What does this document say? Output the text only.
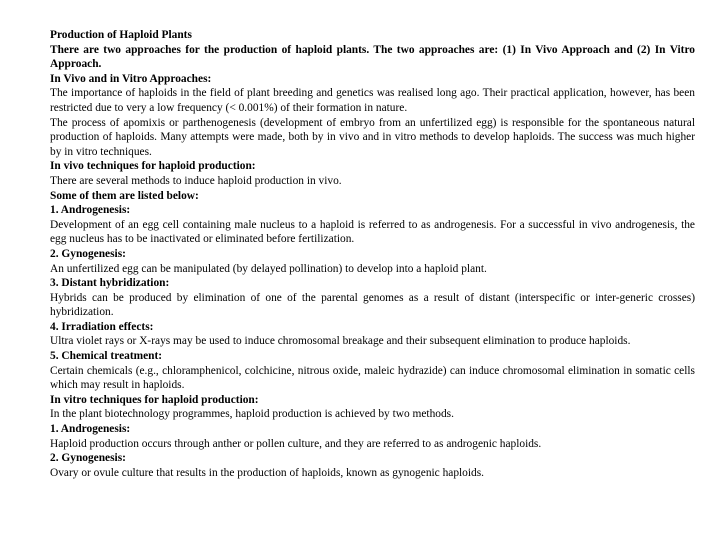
Production of Haploid Plants

There are two approaches for the production of haploid plants. The two approaches are: (1) In Vivo Approach and (2) In Vitro Approach.

In Vivo and in Vitro Approaches:

The importance of haploids in the field of plant breeding and genetics was realised long ago. Their practical application, however, has been restricted due to very a low frequency (< 0.001%) of their formation in nature.

The process of apomixis or parthenogenesis (development of embryo from an unfertilized egg) is responsible for the spontaneous natural production of haploids. Many attempts were made, both by in vivo and in vitro methods to develop haploids. The success was much higher by in vitro techniques.

In vivo techniques for haploid production:

There are several methods to induce haploid production in vivo.

Some of them are listed below:

1. Androgenesis:

Development of an egg cell containing male nucleus to a haploid is referred to as androgenesis. For a successful in vivo androgenesis, the egg nucleus has to be inactivated or eliminated before fertilization.

2. Gynogenesis:

An unfertilized egg can be manipulated (by delayed pollination) to develop into a haploid plant.

3. Distant hybridization:

Hybrids can be produced by elimination of one of the parental genomes as a result of distant (interspecific or inter-generic crosses) hybridization.

4. Irradiation effects:

Ultra violet rays or X-rays may be used to induce chromosomal breakage and their subsequent elimination to produce haploids.

5. Chemical treatment:

Certain chemicals (e.g., chloramphenicol, colchicine, nitrous oxide, maleic hydrazide) can induce chromosomal elimination in somatic cells which may result in haploids.

In vitro techniques for haploid production:

In the plant biotechnology programmes, haploid production is achieved by two methods.

1. Androgenesis:

Haploid production occurs through anther or pollen culture, and they are referred to as androgenic haploids.

2. Gynogenesis:

Ovary or ovule culture that results in the production of haploids, known as gynogenic haploids.
